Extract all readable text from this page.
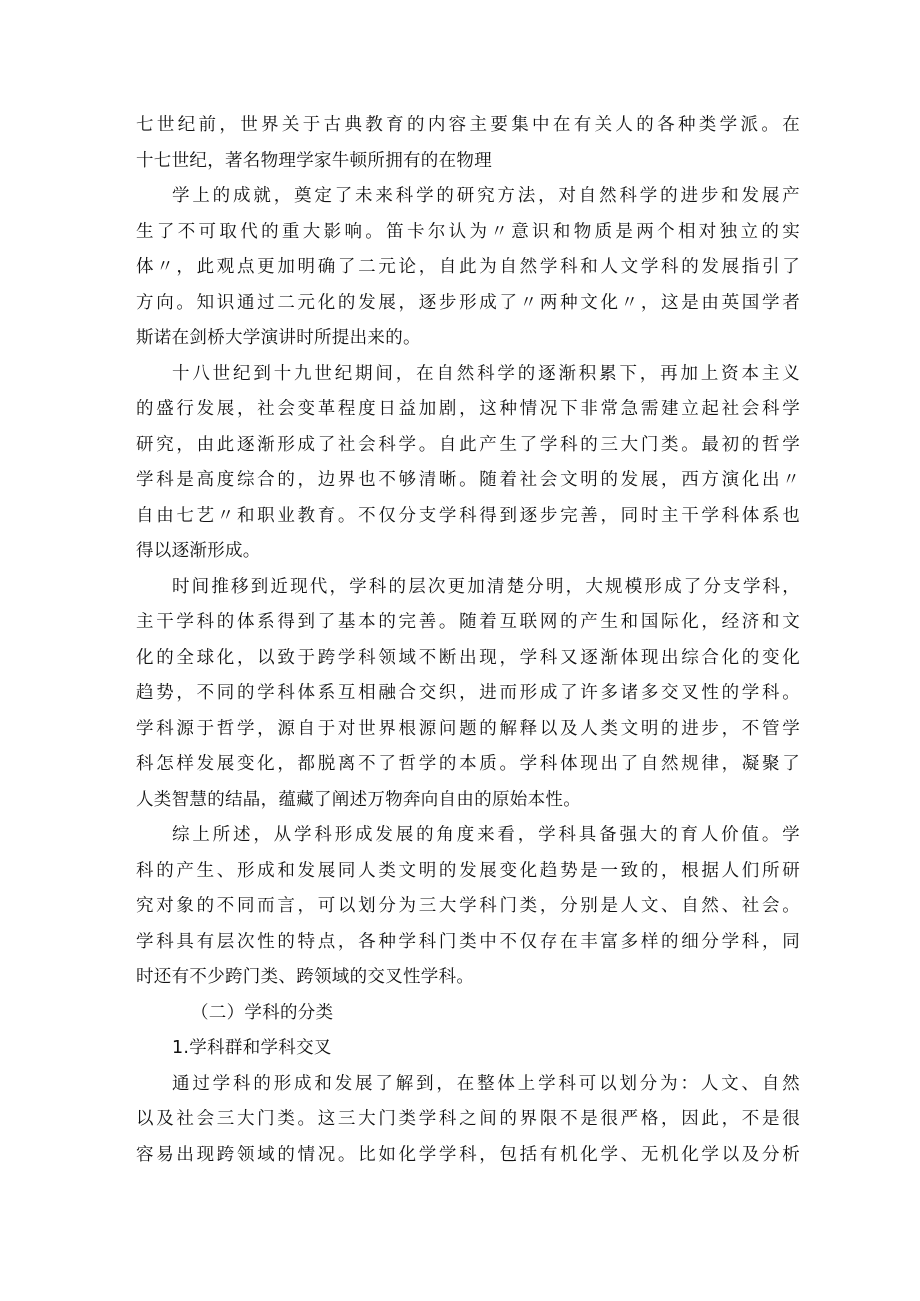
七世纪前，世界关于古典教育的内容主要集中在有关人的各种类学派。在
十七世纪，著名物理学家牛顿所拥有的在物理
学上的成就，奠定了未来科学的研究方法，对自然科学的进步和发展产
生了不可取代的重大影响。笛卡尔认为〃意识和物质是两个相对独立的实
体〃，此观点更加明确了二元论，自此为自然学科和人文学科的发展指引了
方向。知识通过二元化的发展，逐步形成了〃两种文化〃，这是由英国学者
斯诺在剑桥大学演讲时所提出来的。
十八世纪到十九世纪期间，在自然科学的逐渐积累下，再加上资本主义
的盛行发展，社会变革程度日益加剧，这种情况下非常急需建立起社会科学
研究，由此逐渐形成了社会科学。自此产生了学科的三大门类。最初的哲学
学科是高度综合的，边界也不够清晰。随着社会文明的发展，西方演化出〃
自由七艺〃和职业教育。不仅分支学科得到逐步完善，同时主干学科体系也
得以逐渐形成。
时间推移到近现代，学科的层次更加清楚分明，大规模形成了分支学科，
主干学科的体系得到了基本的完善。随着互联网的产生和国际化，经济和文
化的全球化，以致于跨学科领域不断出现，学科又逐渐体现出综合化的变化
趋势，不同的学科体系互相融合交织，进而形成了许多诸多交叉性的学科。
学科源于哲学，源自于对世界根源问题的解释以及人类文明的进步，不管学
科怎样发展变化，都脱离不了哲学的本质。学科体现出了自然规律，凝聚了
人类智慧的结晶，蕴藏了阐述万物奔向自由的原始本性。
综上所述，从学科形成发展的角度来看，学科具备强大的育人价值。学
科的产生、形成和发展同人类文明的发展变化趋势是一致的，根据人们所研
究对象的不同而言，可以划分为三大学科门类，分别是人文、自然、社会。
学科具有层次性的特点，各种学科门类中不仅存在丰富多样的细分学科，同
时还有不少跨门类、跨领域的交叉性学科。
（二）学科的分类
1.学科群和学科交叉
通过学科的形成和发展了解到，在整体上学科可以划分为：人文、自然
以及社会三大门类。这三大门类学科之间的界限不是很严格，因此，不是很
容易出现跨领域的情况。比如化学学科，包括有机化学、无机化学以及分析
